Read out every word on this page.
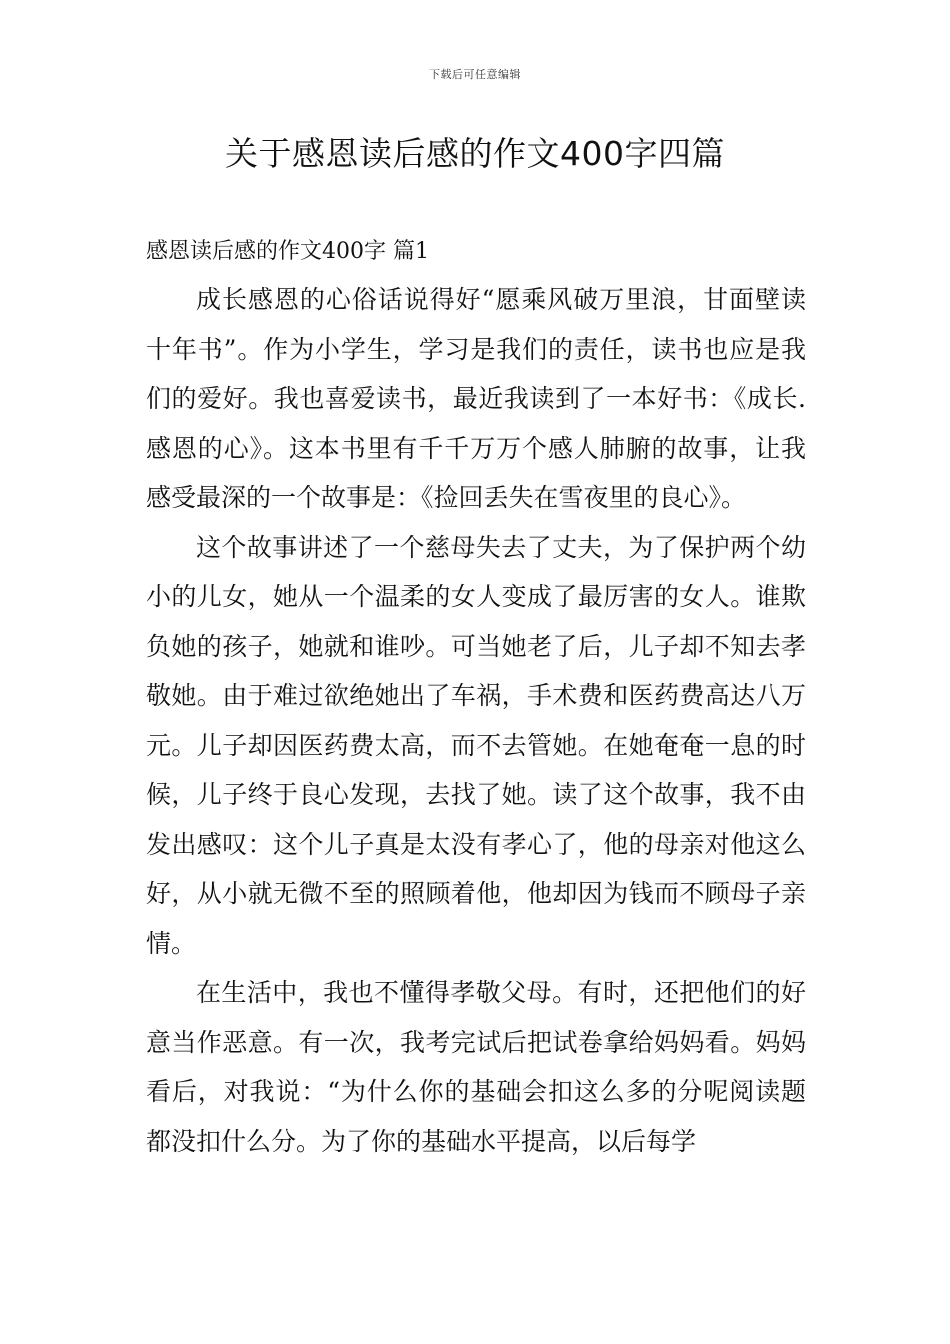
下载后可任意编辑
关于感恩读后感的作文400字四篇
感恩读后感的作文400字 篇1

成长感恩的心俗话说得好“愿乘风破万里浪，甘面壁读十年书”。作为小学生，学习是我们的责任，读书也应是我们的爱好。我也喜爱读书，最近我读到了一本好书：《成长.感恩的心》。这本书里有千千万万个感人肺腑的故事，让我感受最深的一个故事是：《捡回丢失在雪夜里的良心》。

这个故事讲述了一个慈母失去了丈夫，为了保护两个幼小的儿女，她从一个温柔的女人变成了最厉害的女人。谁欺负她的孩子，她就和谁吵。可当她老了后，儿子却不知去孝敬她。由于难过欲绝她出了车祸，手术费和医药费高达八万元。儿子却因医药费太高，而不去管她。在她奄奄一息的时候，儿子终于良心发现，去找了她。读了这个故事，我不由发出感叹：这个儿子真是太没有孝心了，他的母亲对他这么好，从小就无微不至的照顾着他，他却因为钱而不顾母子亲情。

在生活中，我也不懂得孝敬父母。有时，还把他们的好意当作恶意。有一次，我考完试后把试卷拿给妈妈看。妈妈看后，对我说：“为什么你的基础会扣这么多的分呢阅读题都没扣什么分。为了你的基础水平提高，以后每学
